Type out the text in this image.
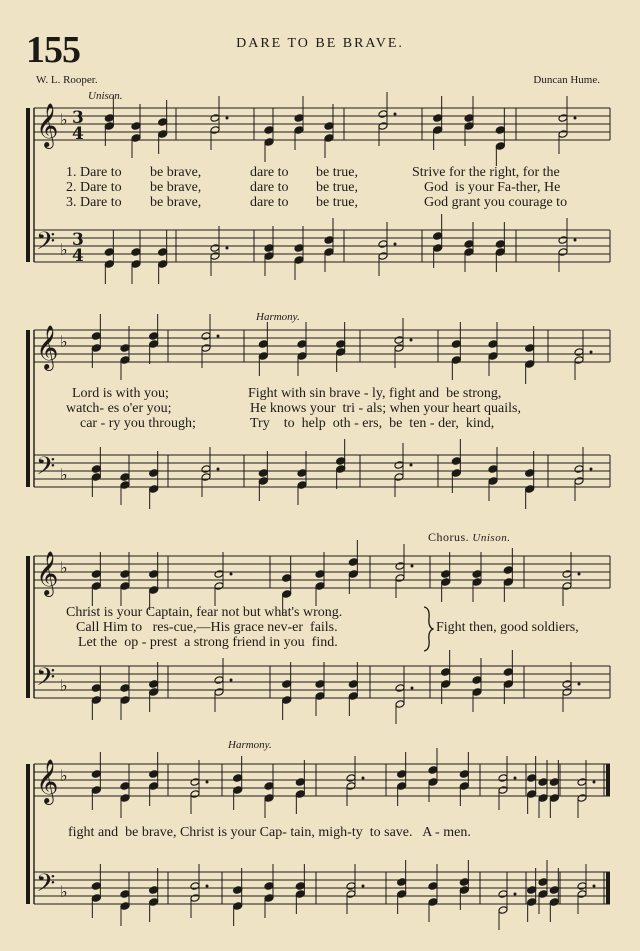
155	DARE TO BE BRAVE.
W. L. Rooper.	Duncan Hume.
Unison.
Harmony.
Chorus. Unison.
Harmony.
𝄞
𝄢
♭
♭
3
3
4
4
𝄞
𝄢
♭
♭
𝄞
𝄢
♭
♭
𝄞
𝄢
♭
♭

1. Dare to

be brave,

	dare to

be true,

	Strive for the right, for the

2. Dare to

be brave,

	dare to

be true,

	God  is your Fa-ther, He

3. Dare to

be brave,

	dare to

be true,

	God grant you courage to

Lord is with you;

	Fight with sin brave - ly, fight and  be strong,

watch- es o'er you;

	He knows your  tri - als; when your heart quails,

car - ry you through;

	Try    to  help  oth - ers,  be  ten - der,  kind,

Christ is your Captain, fear not but what's wrong.
Call Him to   res-cue,—His grace nev-er  fails.
Let the  op - prest  a strong friend in you  find.
Fight then, good soldiers,
fight and  be brave, Christ is your Cap- tain, migh-ty  to save.   A - men.
